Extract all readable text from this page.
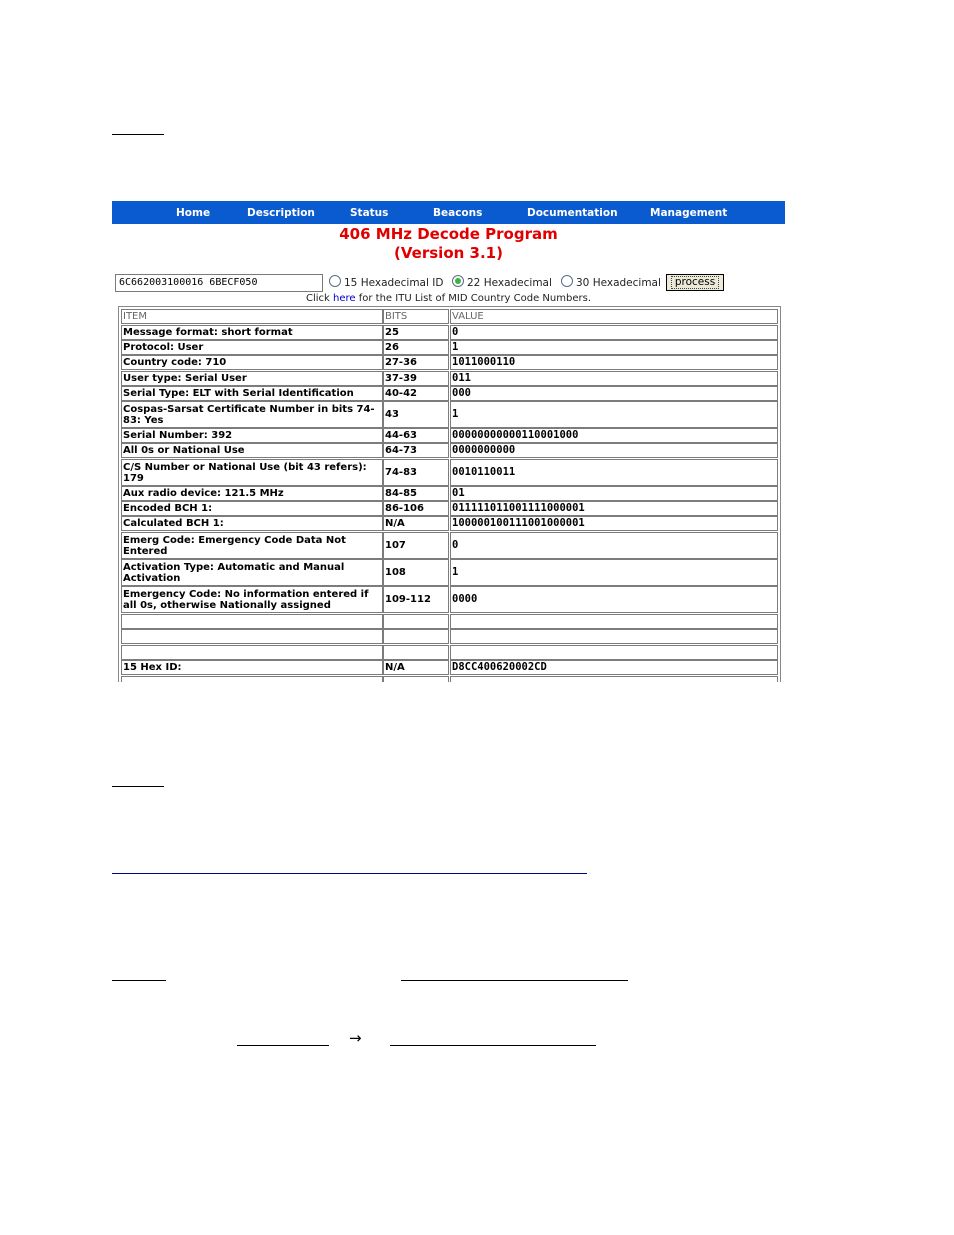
→
Home	Description	Status	Beacons	Documentation	Management
406 MHz Decode Program
(Version 3.1)
6C662003100016 6BECF050	15 Hexadecimal ID 22 Hexadecimal 30 Hexadecimal	process
Click here for the ITU List of MID Country Code Numbers.
ITEM	BITS	VALUE
Message format: short format	25	0
Protocol: User	26	1
Country code: 710	27-36	1011000110
User type: Serial User	37-39	011
Serial Type: ELT with Serial Identification	40-42	000
Cospas-Sarsat Certificate Number in bits 74-83: Yes	43	1
Serial Number: 392	44-63	00000000000110001000
All 0s or National Use	64-73	0000000000
C/S Number or National Use (bit 43 refers): 179	74-83	0010110011
Aux radio device: 121.5 MHz	84-85	01
Encoded BCH 1:	86-106	011111011001111000001
Calculated BCH 1:	N/A	100000100111001000001
Emerg Code: Emergency Code Data Not Entered	107	0
Activation Type: Automatic and Manual Activation	108	1
Emergency Code: No information entered if all 0s, otherwise Nationally assigned	109-112	0000
15 Hex ID:	N/A	D8CC400620002CD
